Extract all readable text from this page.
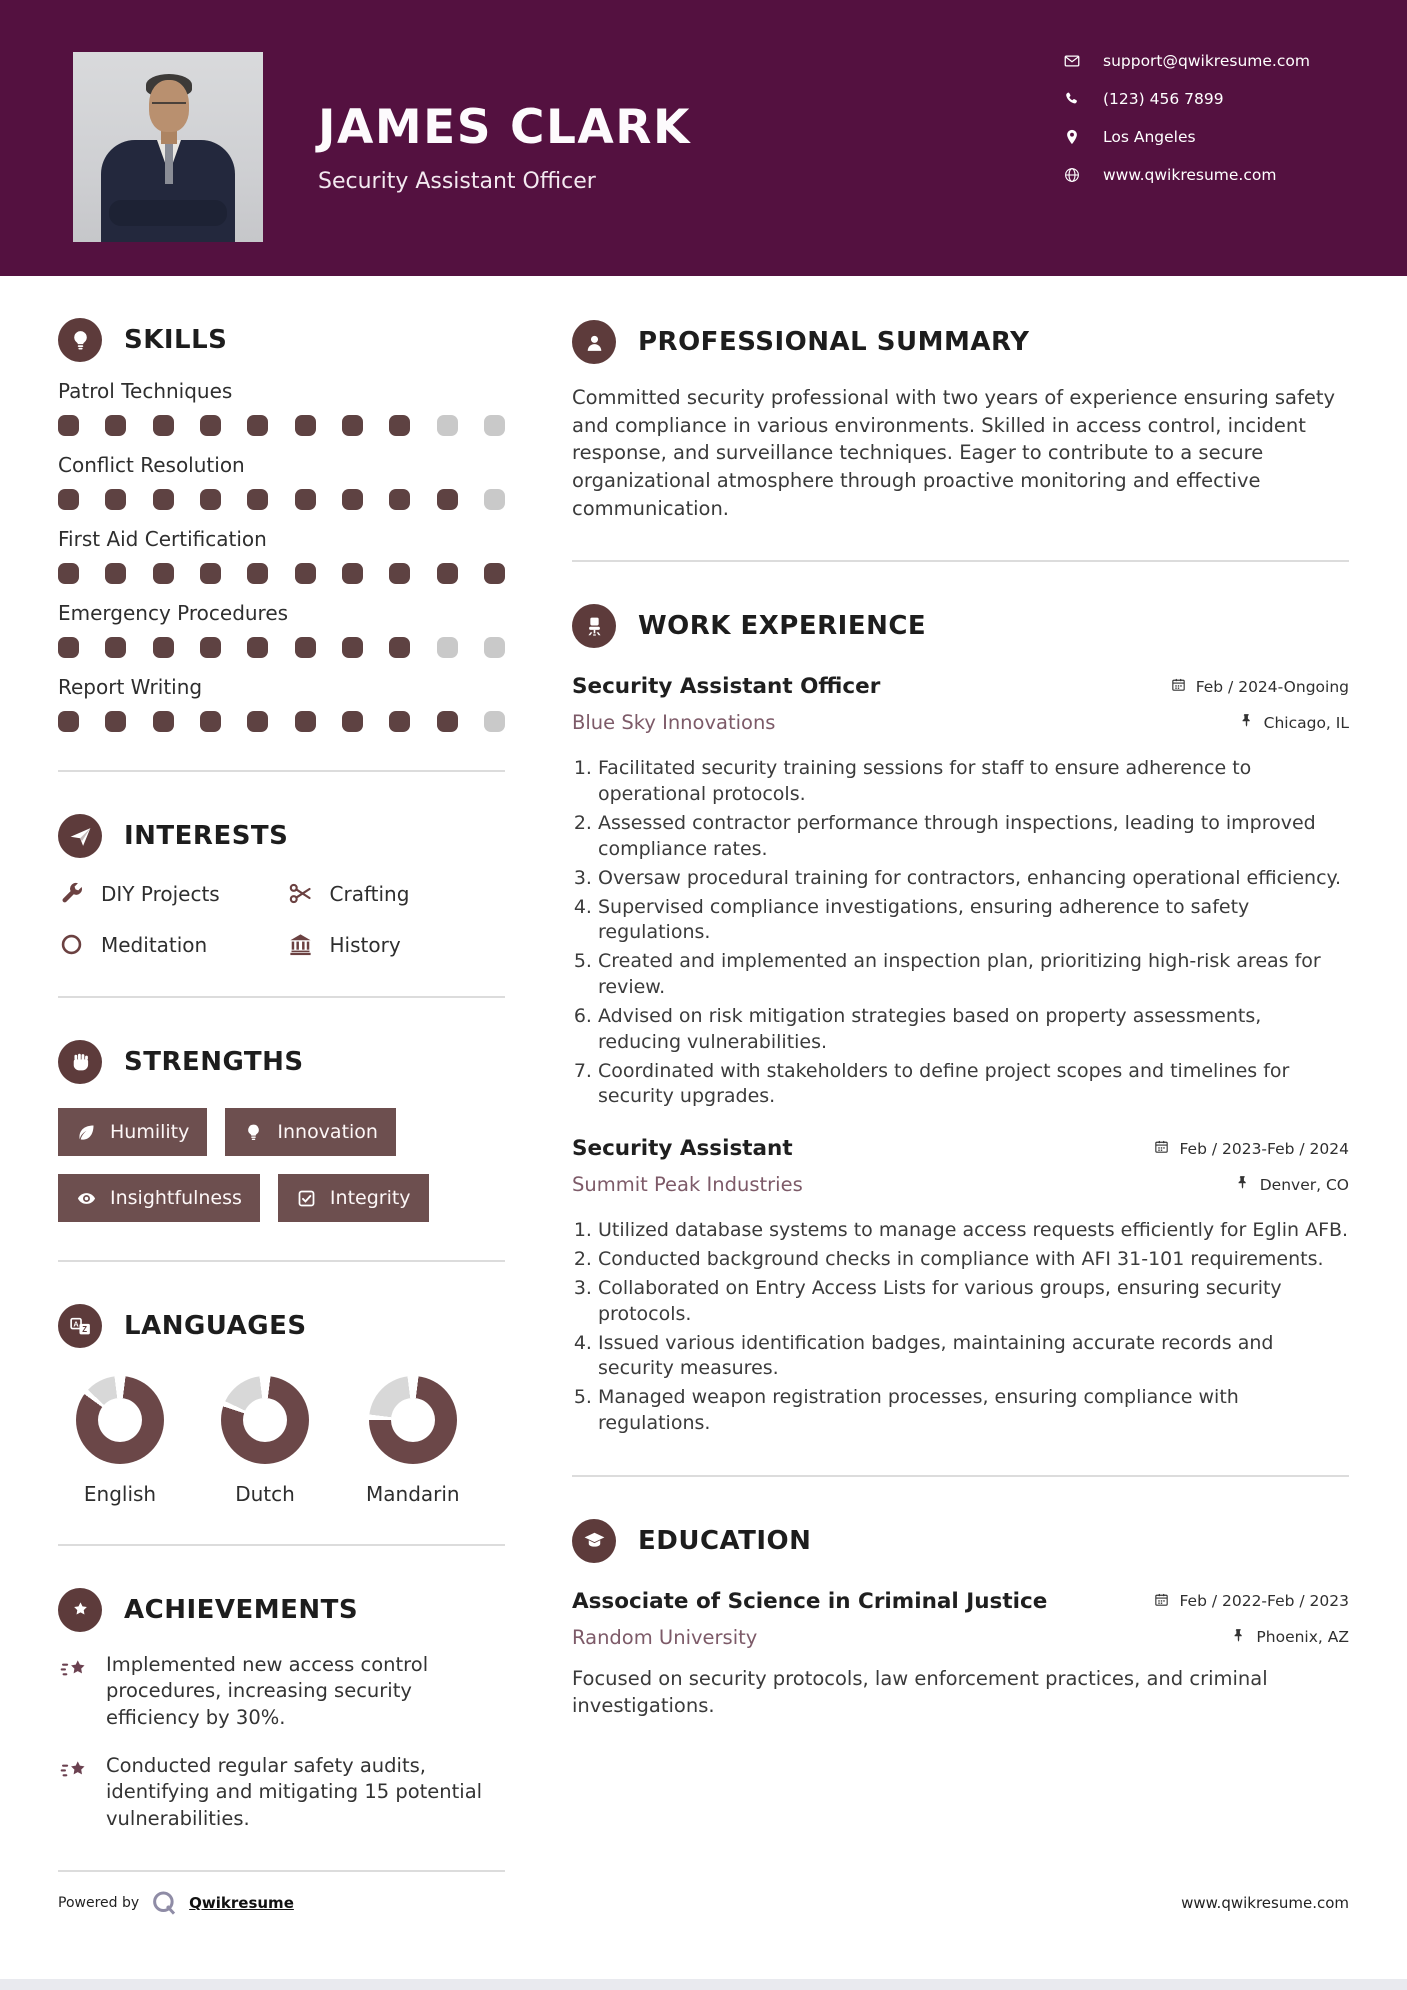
JAMES CLARK
Security Assistant Officer
support@qwikresume.com
(123) 456 7899
Los Angeles
www.qwikresume.com
SKILLS
Patrol Techniques
Conflict Resolution
First Aid Certification
Emergency Procedures
Report Writing
INTERESTS
DIY Projects	Crafting
Meditation	History
STRENGTHS
Humility	Innovation
Insightfulness	Integrity
A
Z LANGUAGES
English	Dutch	Mandarin
ACHIEVEMENTS
Implemented new access control procedures, increasing security efficiency by 30%.
Conducted regular safety audits, identifying and mitigating 15 potential vulnerabilities.
PROFESSIONAL SUMMARY

Committed security professional with two years of experience ensuring safety and compliance in various environments. Skilled in access control, incident response, and surveillance techniques. Eager to contribute to a secure organizational atmosphere through proactive monitoring and effective communication.

WORK EXPERIENCE
Security Assistant Officer	Feb / 2024-Ongoing
Blue Sky Innovations	Chicago, IL
1. Facilitated security training sessions for staff to ensure adherence to operational protocols.
2. Assessed contractor performance through inspections, leading to improved compliance rates.
3. Oversaw procedural training for contractors, enhancing operational efficiency.
4. Supervised compliance investigations, ensuring adherence to safety regulations.
5. Created and implemented an inspection plan, prioritizing high-risk areas for review.
6. Advised on risk mitigation strategies based on property assessments, reducing vulnerabilities.
7. Coordinated with stakeholders to define project scopes and timelines for security upgrades.
Security Assistant	Feb / 2023-Feb / 2024
Summit Peak Industries	Denver, CO
1. Utilized database systems to manage access requests efficiently for Eglin AFB.
2. Conducted background checks in compliance with AFI 31-101 requirements.
3. Collaborated on Entry Access Lists for various groups, ensuring security protocols.
4. Issued various identification badges, maintaining accurate records and security measures.
5. Managed weapon registration processes, ensuring compliance with regulations.
EDUCATION
Associate of Science in Criminal Justice	Feb / 2022-Feb / 2023
Random University	Phoenix, AZ

Focused on security protocols, law enforcement practices, and criminal investigations.

Powered by	Qwikresume	www.qwikresume.com
